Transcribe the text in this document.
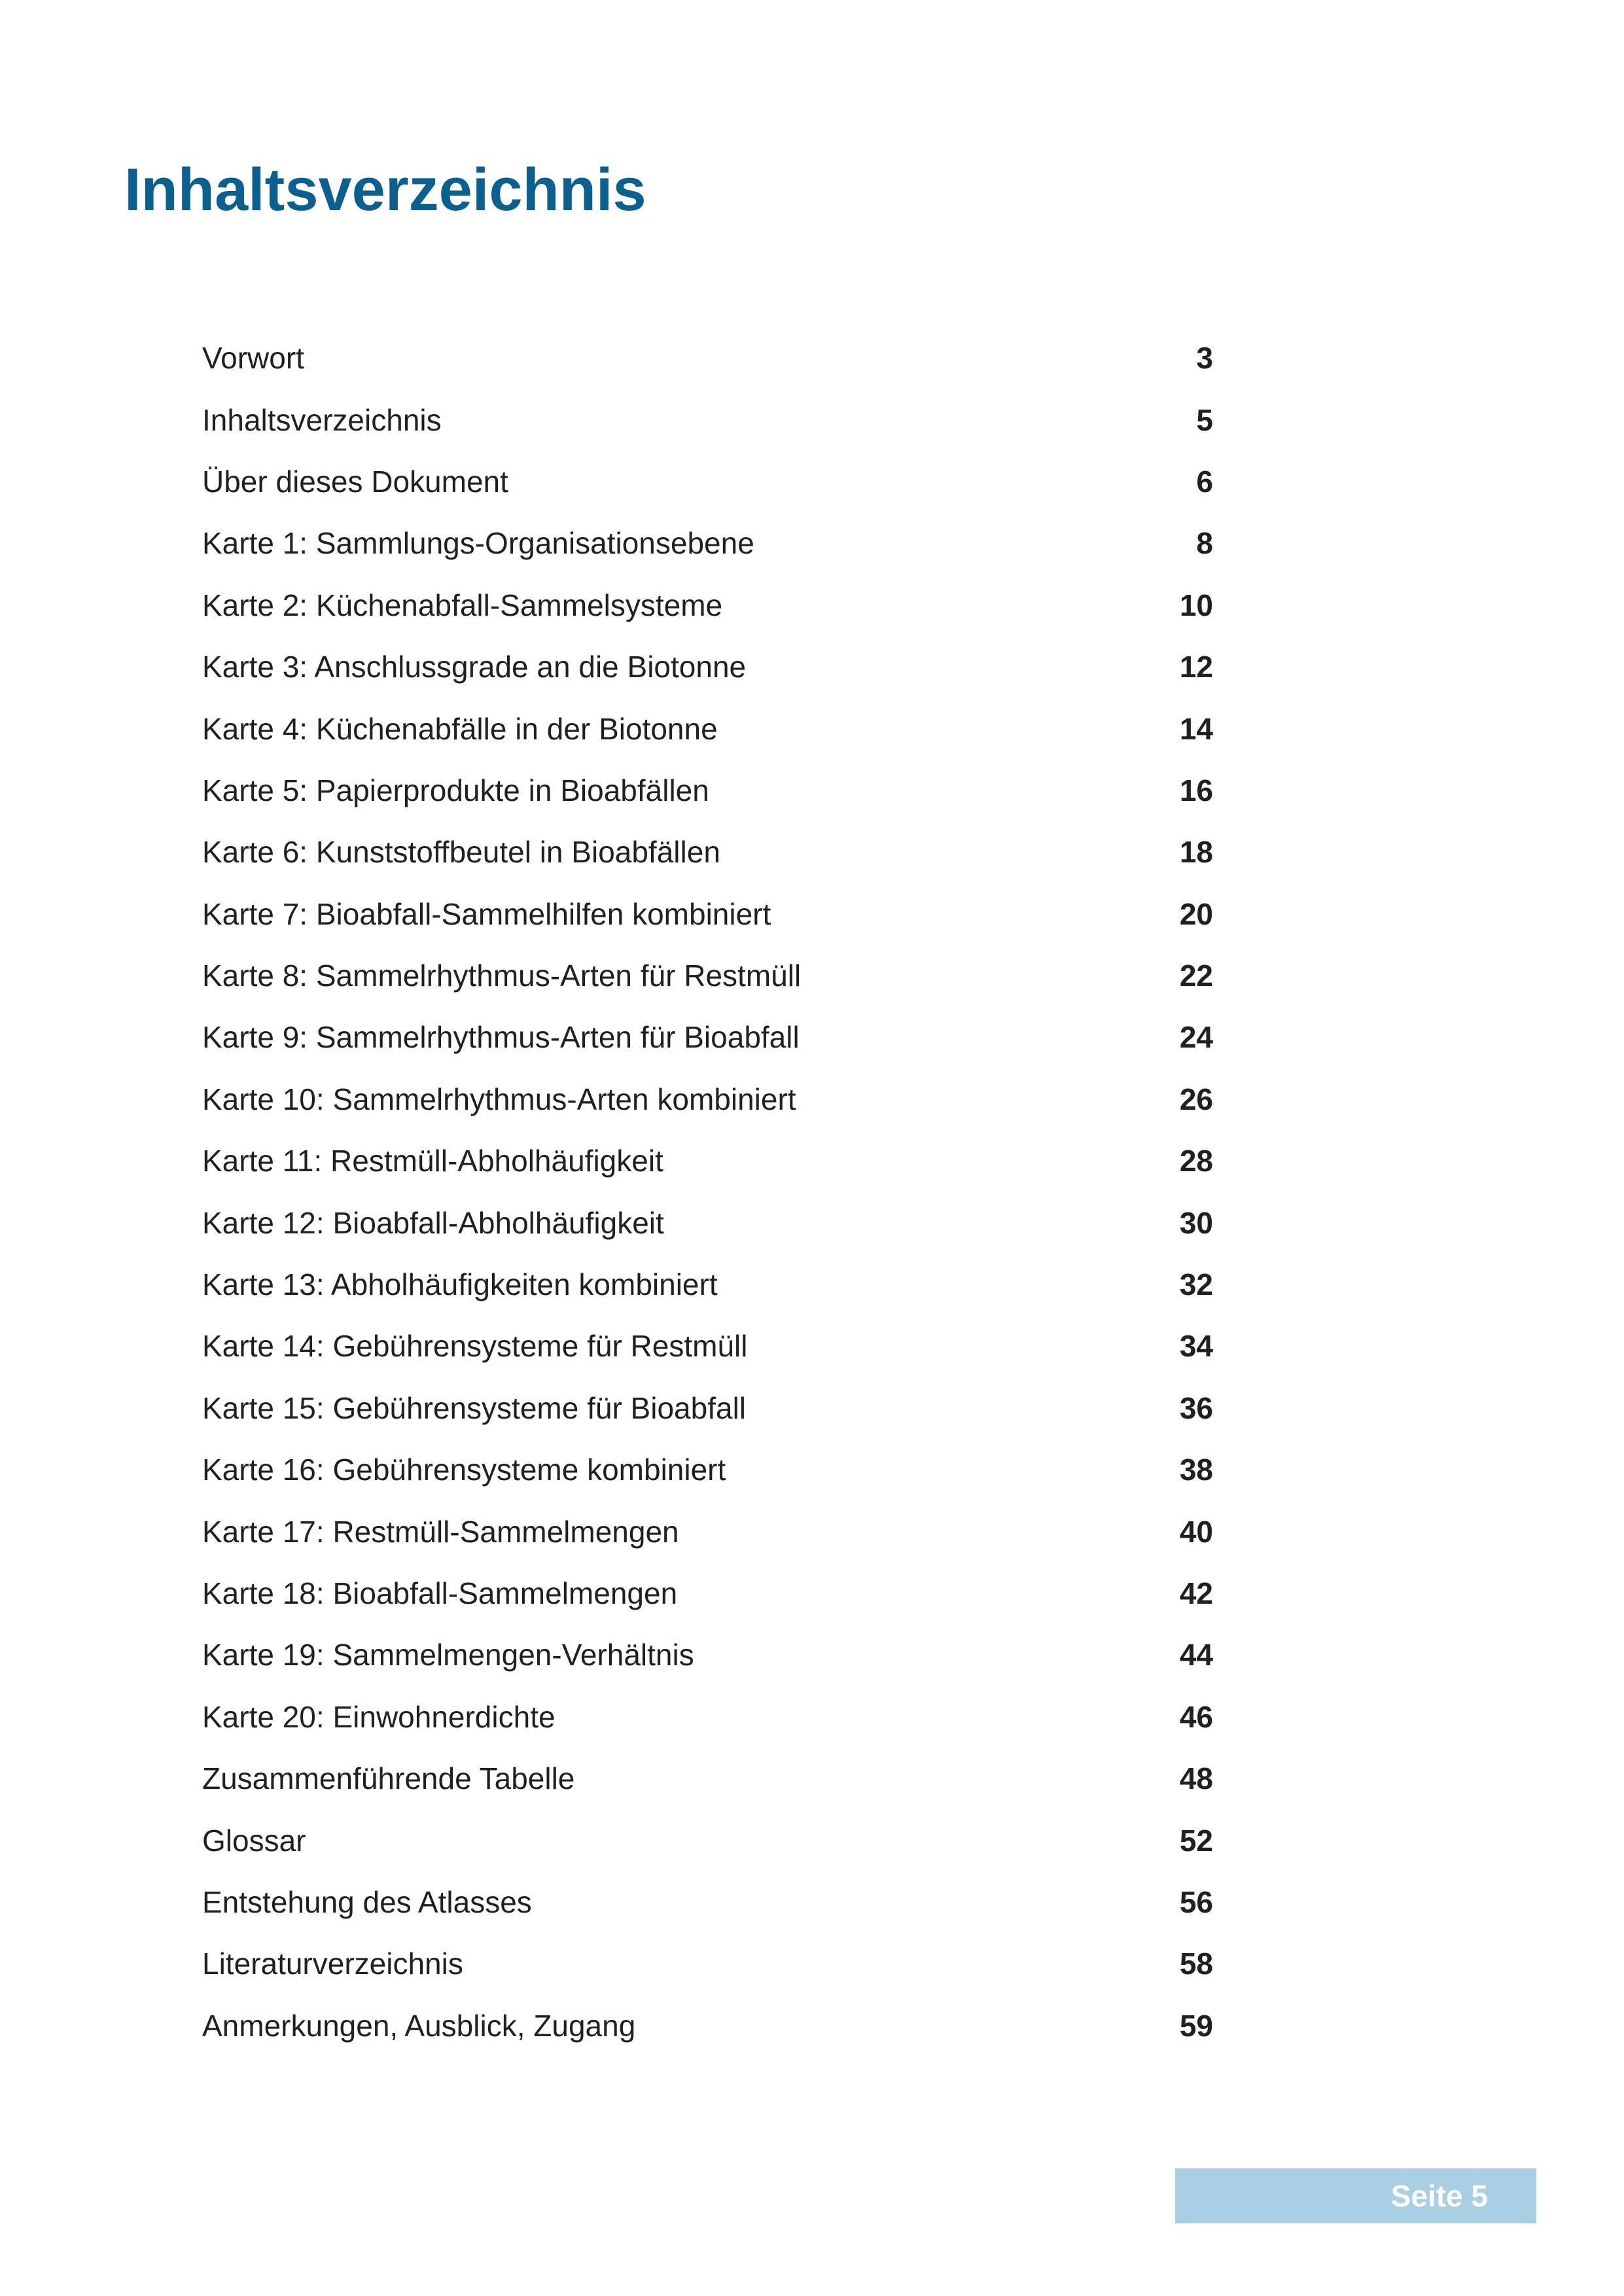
Inhaltsverzeichnis
Vorwort	3
Inhaltsverzeichnis	5
Über dieses Dokument	6
Karte 1: Sammlungs-Organisationsebene	8
Karte 2: Küchenabfall-Sammelsysteme	10
Karte 3: Anschlussgrade an die Biotonne	12
Karte 4: Küchenabfälle in der Biotonne	14
Karte 5: Papierprodukte in Bioabfällen	16
Karte 6: Kunststoffbeutel in Bioabfällen	18
Karte 7: Bioabfall-Sammelhilfen kombiniert	20
Karte 8: Sammelrhythmus-Arten für Restmüll	22
Karte 9: Sammelrhythmus-Arten für Bioabfall	24
Karte 10: Sammelrhythmus-Arten kombiniert	26
Karte 11: Restmüll-Abholhäufigkeit	28
Karte 12: Bioabfall-Abholhäufigkeit	30
Karte 13: Abholhäufigkeiten kombiniert	32
Karte 14: Gebührensysteme für Restmüll	34
Karte 15: Gebührensysteme für Bioabfall	36
Karte 16: Gebührensysteme kombiniert	38
Karte 17: Restmüll-Sammelmengen	40
Karte 18: Bioabfall-Sammelmengen	42
Karte 19: Sammelmengen-Verhältnis	44
Karte 20: Einwohnerdichte	46
Zusammenführende Tabelle	48
Glossar	52
Entstehung des Atlasses	56
Literaturverzeichnis	58
Anmerkungen, Ausblick, Zugang	59
Seite 5
